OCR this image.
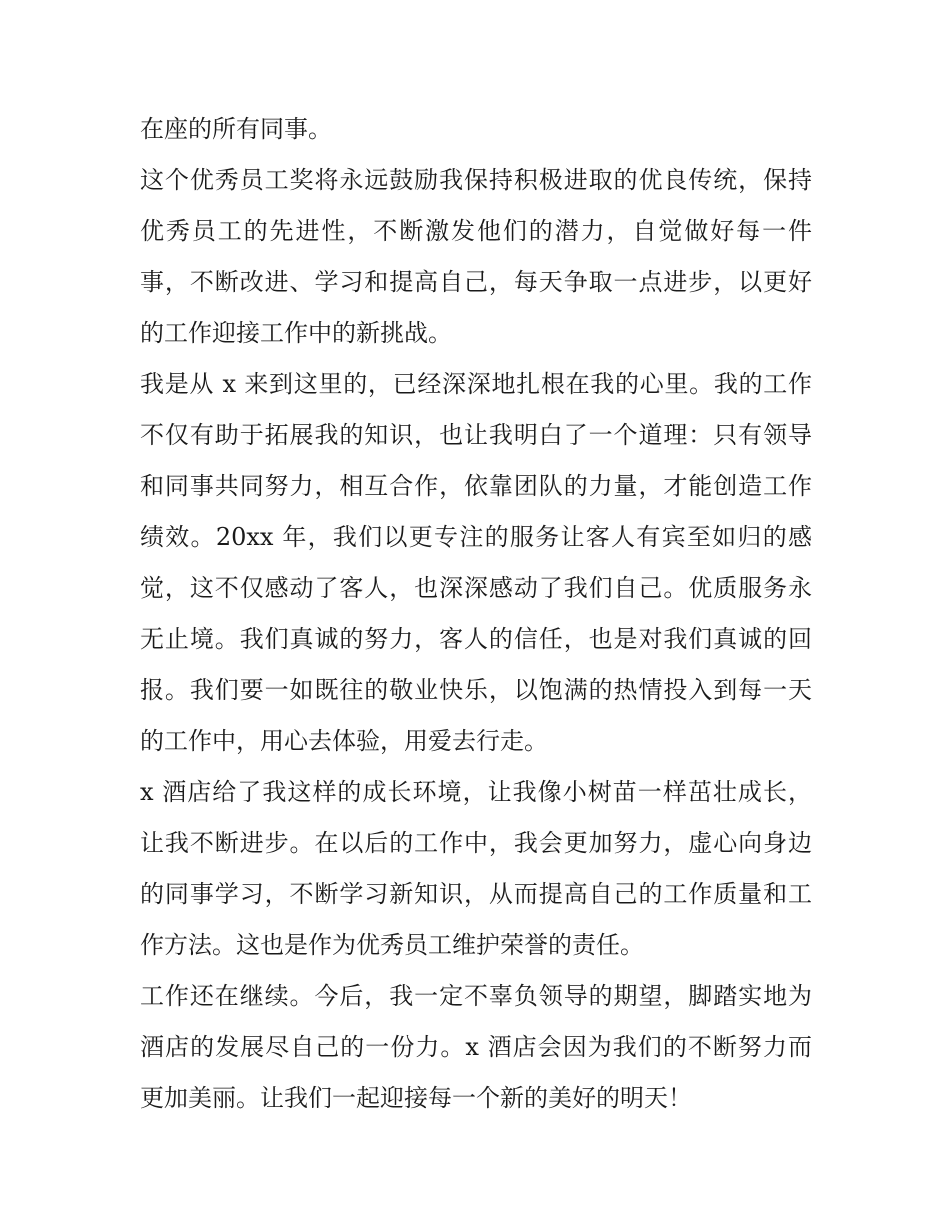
在座的所有同事。
这个优秀员工奖将永远鼓励我保持积极进取的优良传统，保持
优秀员工的先进性，不断激发他们的潜力，自觉做好每一件
事，不断改进、学习和提高自己，每天争取一点进步，以更好
的工作迎接工作中的新挑战。
我是从 x 来到这里的，已经深深地扎根在我的心里。我的工作
不仅有助于拓展我的知识，也让我明白了一个道理：只有领导
和同事共同努力，相互合作，依靠团队的力量，才能创造工作
绩效。20xx 年，我们以更专注的服务让客人有宾至如归的感
觉，这不仅感动了客人，也深深感动了我们自己。优质服务永
无止境。我们真诚的努力，客人的信任，也是对我们真诚的回
报。我们要一如既往的敬业快乐，以饱满的热情投入到每一天
的工作中，用心去体验，用爱去行走。
x 酒店给了我这样的成长环境，让我像小树苗一样茁壮成长，
让我不断进步。在以后的工作中，我会更加努力，虚心向身边
的同事学习，不断学习新知识，从而提高自己的工作质量和工
作方法。这也是作为优秀员工维护荣誉的责任。
工作还在继续。今后，我一定不辜负领导的期望，脚踏实地为
酒店的发展尽自己的一份力。x 酒店会因为我们的不断努力而
更加美丽。让我们一起迎接每一个新的美好的明天！
